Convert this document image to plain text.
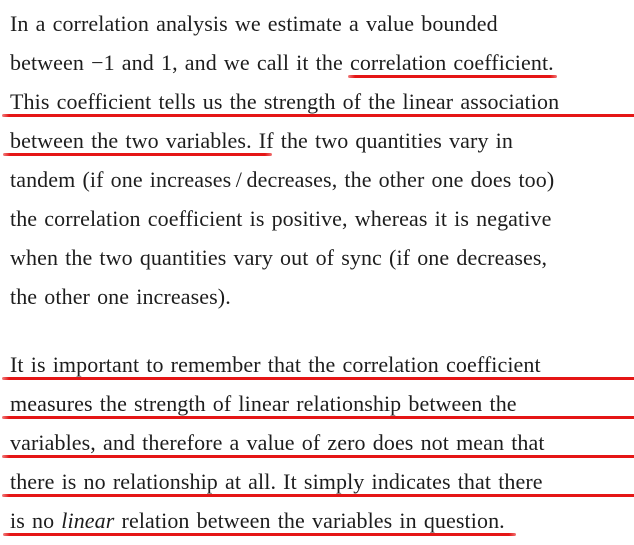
In a correlation analysis we estimate a value bounded
between −1 and 1, and we call it the correlation coefficient.
This coefficient tells us the strength of the linear association
between the two variables. If the two quantities vary in
tandem (if one increases / decreases, the other one does too)
the correlation coefficient is positive, whereas it is negative
when the two quantities vary out of sync (if one decreases,
the other one increases).
It is important to remember that the correlation coefficient
measures the strength of linear relationship between the
variables, and therefore a value of zero does not mean that
there is no relationship at all. It simply indicates that there
is no linear relation between the variables in question.
